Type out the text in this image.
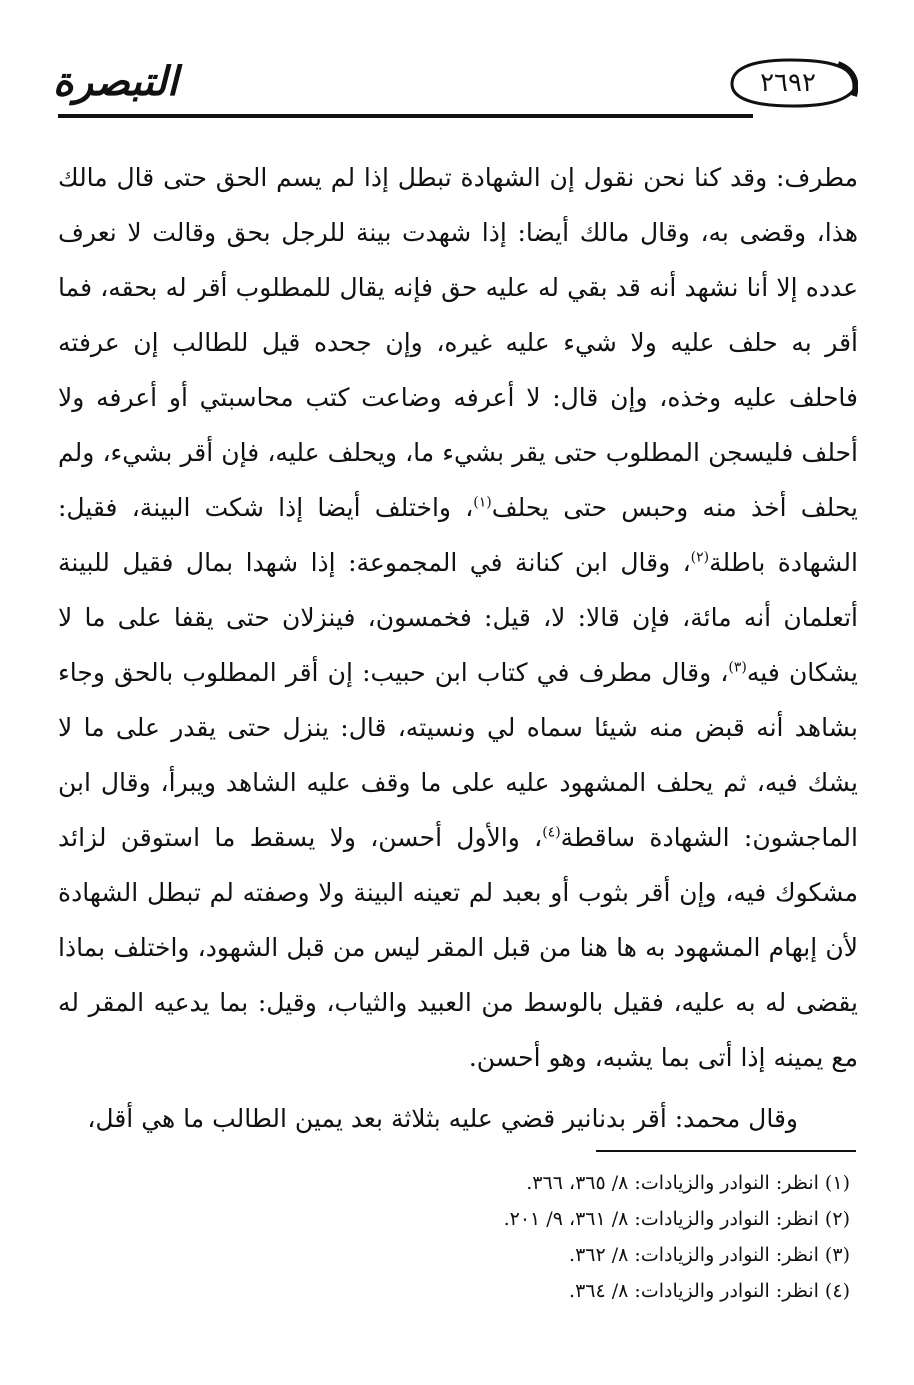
التبصرة	٢٦٩٢

مطرف: وقد كنا نحن نقول إن الشهادة تبطل إذا لم يسم الحق حتى قال مالك هذا، وقضى به، وقال مالك أيضا: إذا شهدت بينة للرجل بحق وقالت لا نعرف عدده إلا أنا نشهد أنه قد بقي له عليه حق فإنه يقال للمطلوب أقر له بحقه، فما أقر به حلف عليه ولا شيء عليه غيره، وإن جحده قيل للطالب إن عرفته فاحلف عليه وخذه، وإن قال: لا أعرفه وضاعت كتب محاسبتي أو أعرفه ولا أحلف فليسجن المطلوب حتى يقر بشيء ما، ويحلف عليه، فإن أقر بشيء، ولم يحلف أخذ منه وحبس حتى يحلف$^{(١)}$، واختلف أيضا إذا شكت البينة، فقيل: الشهادة باطلة$^{(٢)}$، وقال ابن كنانة في المجموعة: إذا شهدا بمال فقيل للبينة أتعلمان أنه مائة، فإن قالا: لا، قيل: فخمسون، فينزلان حتى يقفا على ما لا يشكان فيه$^{(٣)}$، وقال مطرف في كتاب ابن حبيب: إن أقر المطلوب بالحق وجاء بشاهد أنه قبض منه شيئا سماه لي ونسيته، قال: ينزل حتى يقدر على ما لا يشك فيه، ثم يحلف المشهود عليه على ما وقف عليه الشاهد ويبرأ، وقال ابن الماجشون: الشهادة ساقطة$^{(٤)}$، والأول أحسن، ولا يسقط ما استوقن لزائد مشكوك فيه، وإن أقر بثوب أو بعبد لم تعينه البينة ولا وصفته لم تبطل الشهادة لأن إبهام المشهود به ها هنا من قبل المقر ليس من قبل الشهود، واختلف بماذا يقضى له به عليه، فقيل بالوسط من العبيد والثياب، وقيل: بما يدعيه المقر له مع يمينه إذا أتى بما يشبه، وهو أحسن.

وقال محمد: أقر بدنانير قضي عليه بثلاثة بعد يمين الطالب ما هي أقل،

(١) انظر: النوادر والزيادات: ٨/ ٣٦٥، ٣٦٦.
(٢) انظر: النوادر والزيادات: ٨/ ٣٦١، ٩/ ٢٠١.
(٣) انظر: النوادر والزيادات: ٨/ ٣٦٢.
(٤) انظر: النوادر والزيادات: ٨/ ٣٦٤.
